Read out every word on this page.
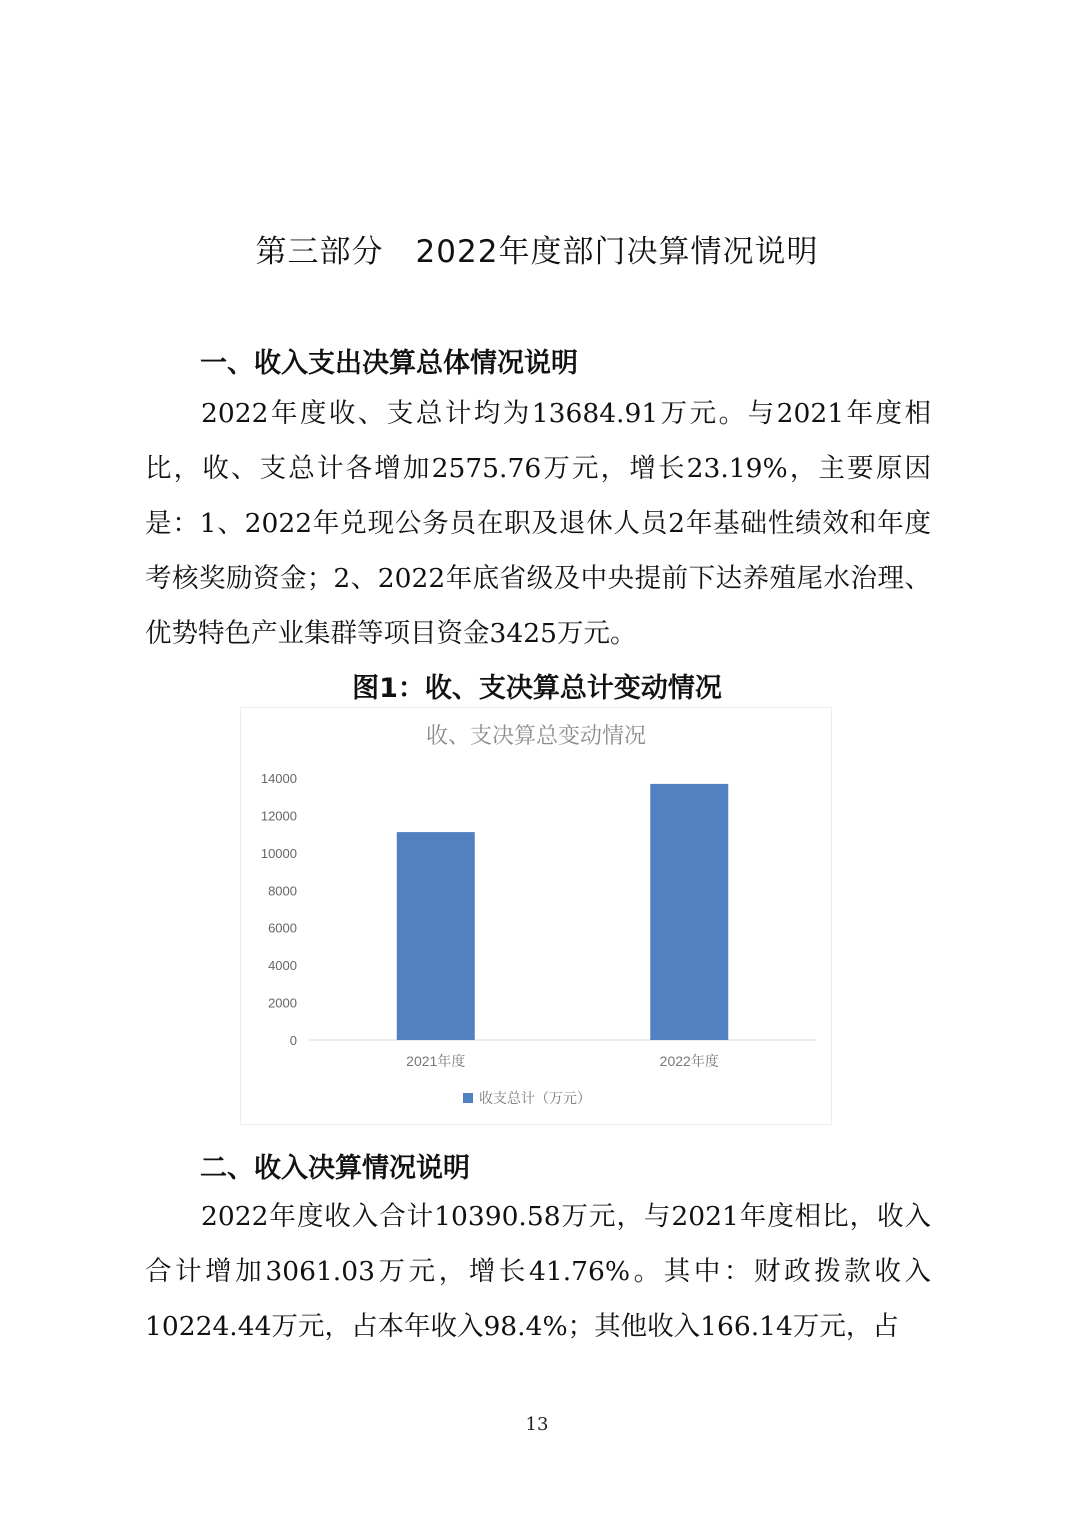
第三部分　2022年度部门决算情况说明
一、收入支出决算总体情况说明
2022年度收、支总计均为13684.91万元。与2021年度相比，收、支总计各增加2575.76万元，增长23.19%，主要原因是：1、2022年兑现公务员在职及退休人员2年基础性绩效和年度考核奖励资金；2、2022年底省级及中央提前下达养殖尾水治理、优势特色产业集群等项目资金3425万元。
图1：收、支决算总计变动情况
收、支决算总变动情况
0
2000
4000
6000
8000
10000
12000
14000
2021年度	2022年度
收支总计（万元）
二、收入决算情况说明
2022年度收入合计10390.58万元，与2021年度相比，收入合计增加3061.03万元，增长41.76%。其中：财政拨款收入10224.44万元，占本年收入98.4%；其他收入166.14万元，占
13
